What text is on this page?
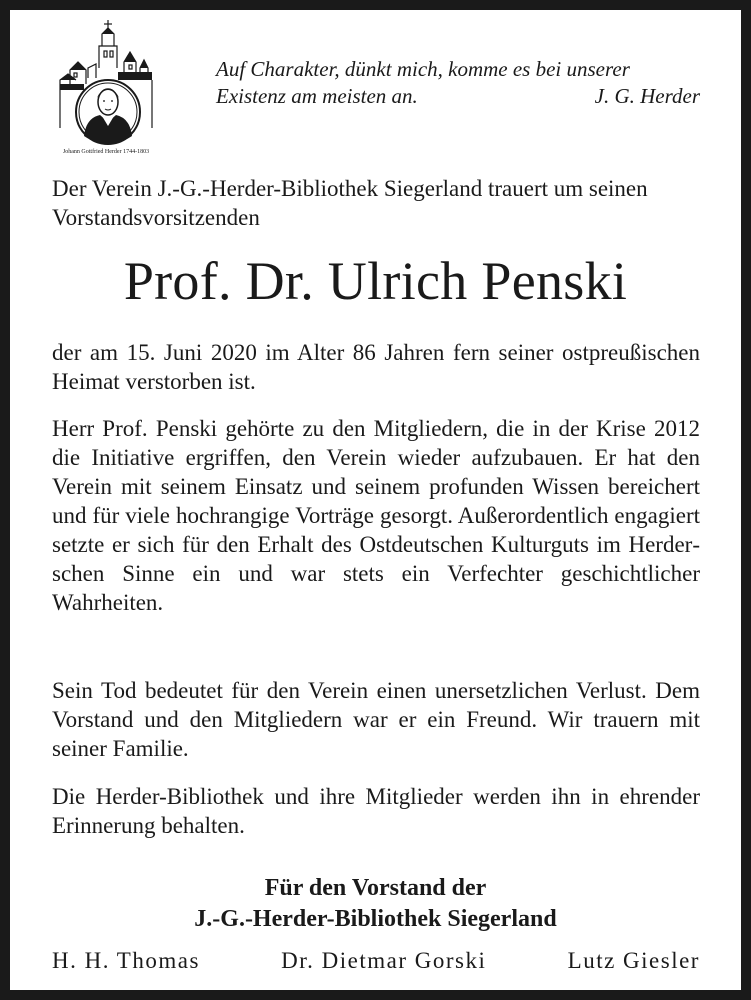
Johann Gottfried Herder 1744-1803
Auf Charakter, dünkt mich, komme es bei unserer
Existenz am meisten an.	J. G. Herder
Der Verein J.-G.-Herder-Bibliothek Siegerland trauert um seinen Vorstandsvorsitzenden
Prof. Dr. Ulrich Penski
der am 15. Juni 2020 im Alter 86 Jahren fern seiner ostpreußischen Heimat verstorben ist.
Herr Prof. Penski gehörte zu den Mitgliedern, die in der Krise 2012 die Initiative ergriffen, den Verein wieder aufzubauen. Er hat den Verein mit seinem Einsatz und seinem profunden Wissen bereichert und für viele hochrangige Vorträge gesorgt. Außerordentlich engagiert setzte er sich für den Erhalt des Ostdeutschen Kulturguts im Herderschen Sinne ein und war stets ein Verfechter geschichtlicher Wahrheiten.
Sein Tod bedeutet für den Verein einen unersetzlichen Verlust. Dem Vorstand und den Mitgliedern war er ein Freund. Wir trauern mit seiner Familie.
Die Herder-Bibliothek und ihre Mitglieder werden ihn in ehrender Erinnerung behalten.
Für den Vorstand der
J.-G.-Herder-Bibliothek Siegerland
H. H. Thomas	Dr. Dietmar Gorski	Lutz Giesler
